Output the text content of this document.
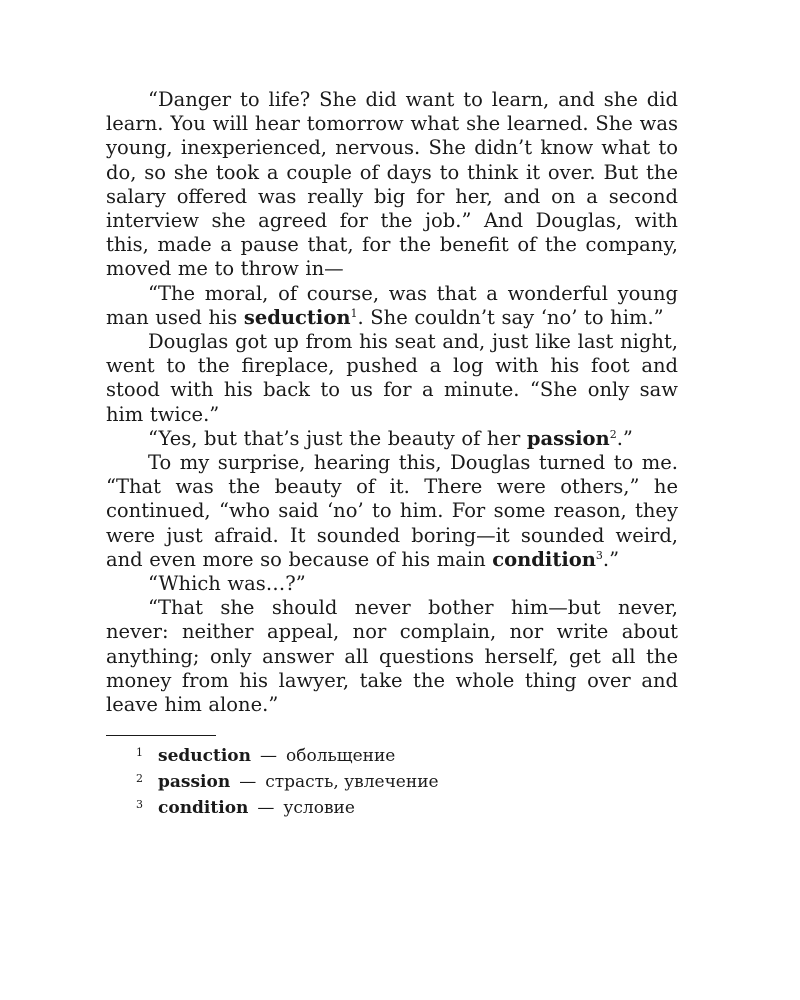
“Danger to life? She did want to learn, and she did learn. You will hear tomorrow what she learned. She was young, inexperienced, nervous. She didn’t know what to do, so she took a couple of days to think it over. But the salary offered was really big for her, and on a second interview she agreed for the job.” And Douglas, with this, made a pause that, for the benefit of the company, moved me to throw in—

“The moral, of course, was that a wonderful young man used his seduction$^1$. She couldn’t say ‘no’ to him.”

Douglas got up from his seat and, just like last night, went to the fireplace, pushed a log with his foot and stood with his back to us for a minute. “She only saw him twice.”

“Yes, but that’s just the beauty of her passion$^2$.”

To my surprise, hearing this, Douglas turned to me. “That was the beauty of it. There were others,” he continued, “who said ‘no’ to him. For some reason, they were just afraid. It sounded boring—it sounded weird, and even more so because of his main condition$^3$.”

“Which was…?”

“That she should never bother him—but never, never: neither appeal, nor complain, nor write about anything; only answer all questions herself, get all the money from his lawyer, take the whole thing over and leave him alone.”

1 seduction — обольщение
2 passion — страсть, увлечение
3 condition — условие
